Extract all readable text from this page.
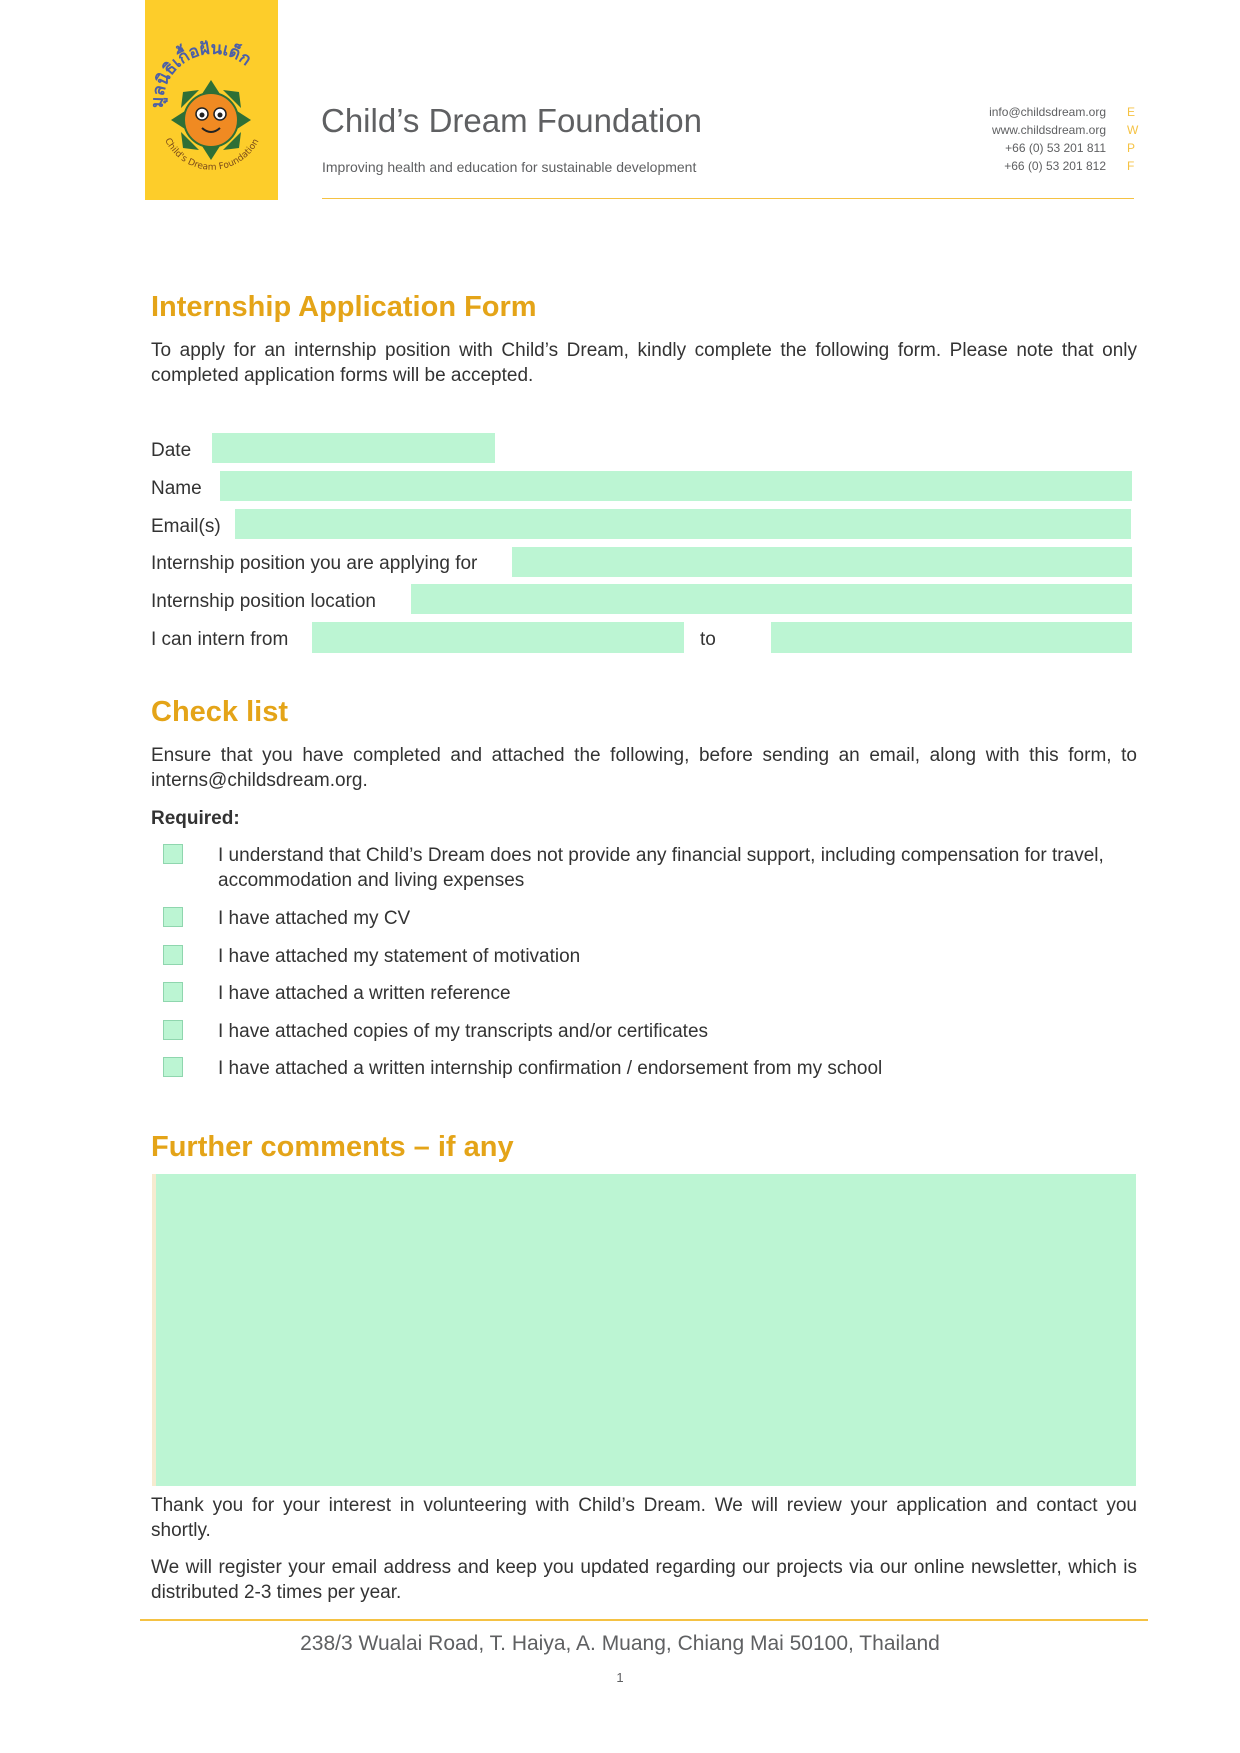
มูลนิธิเกื้อฝันเด็ก
Child's Dream Foundation
Child’s Dream Foundation
Improving health and education for sustainable development
info@childsdream.org
www.childsdream.org
+66 (0) 53 201 811
+66 (0) 53 201 812
E
W
P
F
Internship Application Form
To apply for an internship position with Child’s Dream, kindly complete the following form. Please note that only completed application forms will be accepted.
Date
Name
Email(s)
Internship position you are applying for
Internship position location
I can intern from	to
Check list
Ensure that you have completed and attached the following, before sending an email, along with this form, to interns@childsdream.org.
Required:
I understand that Child’s Dream does not provide any financial support, including compensation for travel, accommodation and living expenses
I have attached my CV
I have attached my statement of motivation
I have attached a written reference
I have attached copies of my transcripts and/or certificates
I have attached a written internship confirmation / endorsement from my school
Further comments – if any
Thank you for your interest in volunteering with Child’s Dream. We will review your application and contact you shortly.
We will register your email address and keep you updated regarding our projects via our online newsletter, which is distributed 2-3 times per year.
238/3 Wualai Road, T. Haiya, A. Muang, Chiang Mai 50100, Thailand
1
